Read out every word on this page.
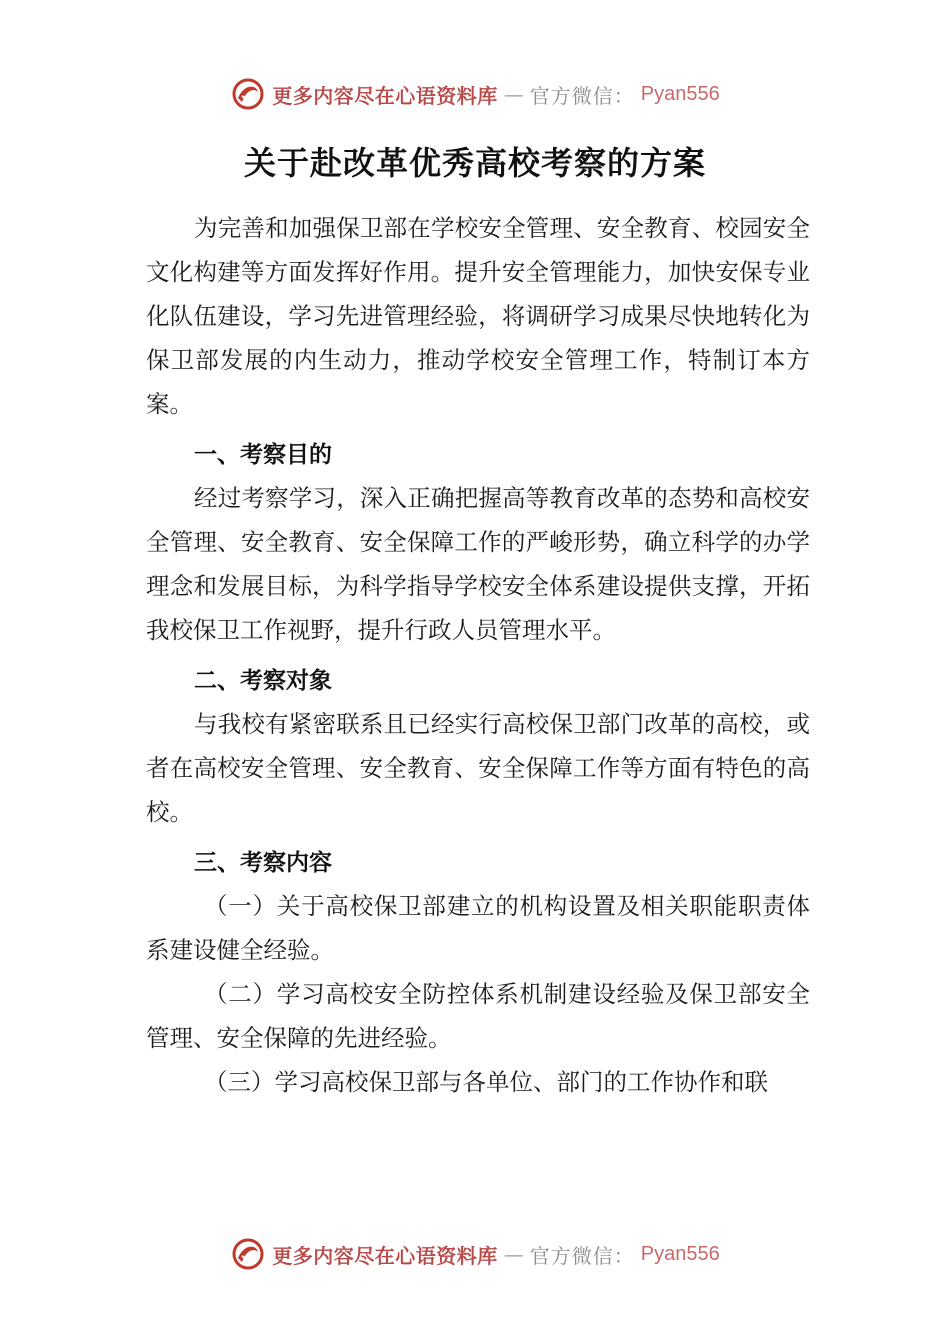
更多内容尽在心语资料库 — 官方微信： Pyan556
关于赴改革优秀高校考察的方案

为完善和加强保卫部在学校安全管理、安全教育、校园安全文化构建等方面发挥好作用。提升安全管理能力，加快安保专业化队伍建设，学习先进管理经验，将调研学习成果尽快地转化为保卫部发展的内生动力，推动学校安全管理工作，特制订本方案。

一、考察目的

经过考察学习，深入正确把握高等教育改革的态势和高校安全管理、安全教育、安全保障工作的严峻形势，确立科学的办学理念和发展目标，为科学指导学校安全体系建设提供支撑，开拓我校保卫工作视野，提升行政人员管理水平。

二、考察对象

与我校有紧密联系且已经实行高校保卫部门改革的高校，或者在高校安全管理、安全教育、安全保障工作等方面有特色的高校。

三、考察内容

（一）关于高校保卫部建立的机构设置及相关职能职责体系建设健全经验。

（二）学习高校安全防控体系机制建设经验及保卫部安全管理、安全保障的先进经验。

（三）学习高校保卫部与各单位、部门的工作协作和联

更多内容尽在心语资料库 — 官方微信： Pyan556
